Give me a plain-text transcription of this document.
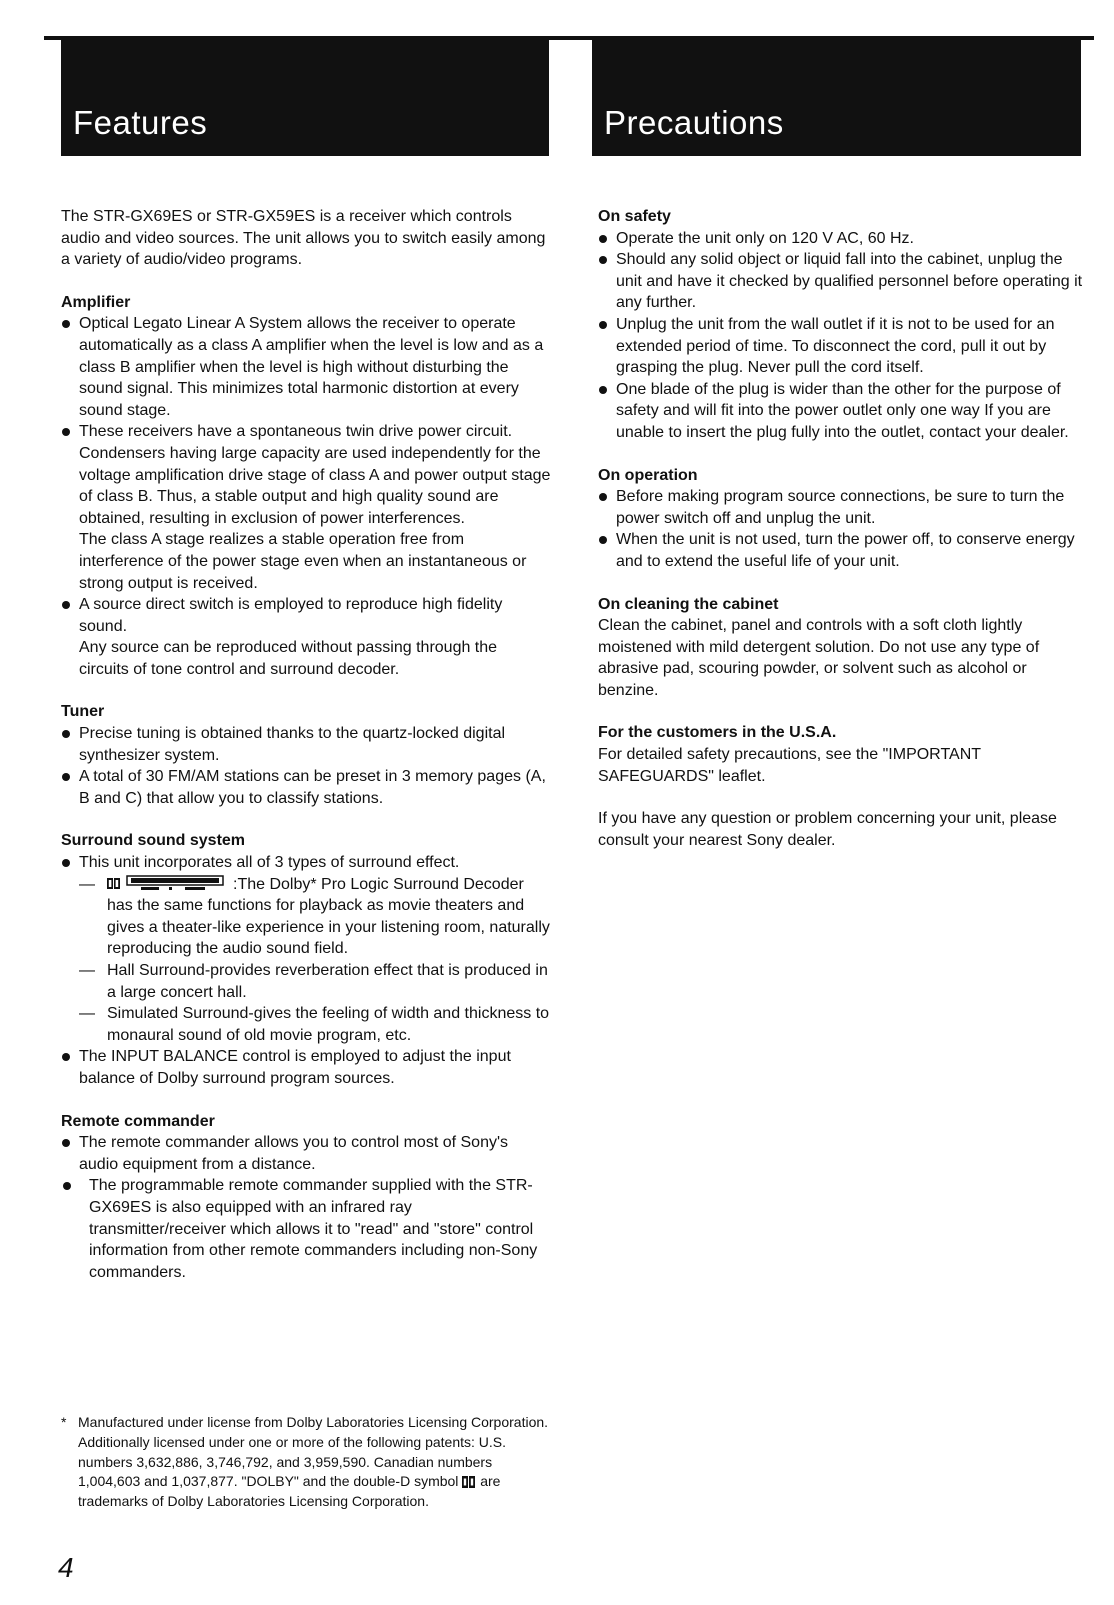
Features	Precautions

The STR-GX69ES or STR-GX59ES is a receiver which controls audio and video sources. The unit allows you to switch easily among a variety of audio/video programs.

Amplifier

Optical Legato Linear A System allows the receiver to operate automatically as a class A amplifier when the level is low and as a class B amplifier when the level is high without disturbing the sound signal. This minimizes total harmonic distortion at every sound stage.
These receivers have a spontaneous twin drive power circuit. Condensers having large capacity are used independently for the voltage amplification drive stage of class A and power output stage of class B. Thus, a stable output and high quality sound are obtained, resulting in exclusion of power interferences.
The class A stage realizes a stable operation free from interference of the power stage even when an instantaneous or strong output is received.
A source direct switch is employed to reproduce high fidelity sound.
Any source can be reproduced without passing through the circuits of tone control and surround decoder.

Tuner

Precise tuning is obtained thanks to the quartz-locked digital synthesizer system.
A total of 30 FM/AM stations can be preset in 3 memory pages (A, B and C) that allow you to classify stations.

Surround sound system

This unit incorporates all of 3 types of surround effect.
—	:The Dolby* Pro Logic Surround Decoder has the same functions for playback as movie theaters and gives a theater-like experience in your listening room, naturally reproducing the audio sound field.
— Hall Surround-provides reverberation effect that is produced in a large concert hall.
— Simulated Surround-gives the feeling of width and thickness to monaural sound of old movie program, etc.
The INPUT BALANCE control is employed to adjust the input balance of Dolby surround program sources.

Remote commander

The remote commander allows you to control most of Sony's audio equipment from a distance.
The programmable remote commander supplied with the STR-GX69ES is also equipped with an infrared ray transmitter/receiver which allows it to "read" and "store" control information from other remote commanders including non-Sony commanders.
* Manufactured under license from Dolby Laboratories Licensing Corporation. Additionally licensed under one or more of the following patents: U.S. numbers 3,632,886, 3,746,792, and 3,959,590. Canadian numbers 1,004,603 and 1,037,877. "DOLBY" and the double-D symbol are trademarks of Dolby Laboratories Licensing Corporation.

On safety

Operate the unit only on 120 V AC, 60 Hz.
Should any solid object or liquid fall into the cabinet, unplug the unit and have it checked by qualified personnel before operating it any further.
Unplug the unit from the wall outlet if it is not to be used for an extended period of time. To disconnect the cord, pull it out by grasping the plug. Never pull the cord itself.
One blade of the plug is wider than the other for the purpose of safety and will fit into the power outlet only one way If you are unable to insert the plug fully into the outlet, contact your dealer.

On operation

Before making program source connections, be sure to turn the power switch off and unplug the unit.
When the unit is not used, turn the power off, to conserve energy and to extend the useful life of your unit.

On cleaning the cabinet

Clean the cabinet, panel and controls with a soft cloth lightly moistened with mild detergent solution. Do not use any type of abrasive pad, scouring powder, or solvent such as alcohol or benzine.

For the customers in the U.S.A.

For detailed safety precautions, see the "IMPORTANT SAFEGUARDS" leaflet.

If you have any question or problem concerning your unit, please consult your nearest Sony dealer.

4
